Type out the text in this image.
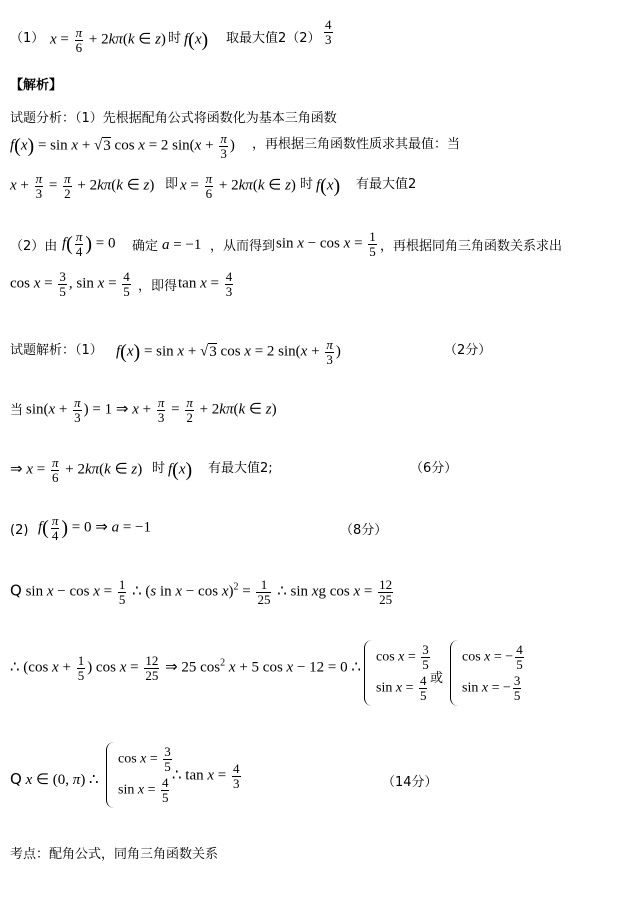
（1） $x = \frac{\pi}{6} + 2k\pi(k$ ∈ z) 时 f(x) 取最大值$2(2) \frac{4}{3}$
【解析】
试题分析：（1）先根据配角公式将函数化为基本三角函数
f(x) = sin x + √3 cos x = 2 $\sin(x + \frac{\pi}{3}$ ) ，再根据三角函数性质求其最值：当
$x + \frac{\pi}{3} = \frac{\pi}{2} + 2k\pi(k$ ∈ z) 即 $x = \frac{\pi}{6} + 2k\pi(k$ ∈ z) 时 f(x) 有最大值2
（2）由 $f( \frac{\pi}{4}$ ) = 0 确定 a = −1 ，从而得到 $\sin x - \cos x = \frac{1}{5}$ ，再根据同角三角函数关系求出
$\cos x = \frac{3}{5}$ , $\sin x = \frac{4}{5}$ ，即得 $\tan x = \frac{4}{3}$
试题解析：（1） f(x) = sin x + √3 cos x = 2 $\sin(x + \frac{\pi}{3}$ )	（2分）
当 $\sin(x + \frac{\pi}{3}$ ) = 1 ⇒ $x + \frac{\pi}{3} = \frac{\pi}{2} + 2k\pi(k$ ∈ z)
⇒ $x = \frac{\pi}{6} + 2k\pi(k$ ∈ z) 时 f(x) 有最大值2;	（6分）
(2) $f( \frac{\pi}{4}$ ) = 0 ⇒ a = −1	（8分）
Q $\sin x - \cos x = \frac{1}{5}$ ∴ (s in $x - \cos x)^2 = \frac{1}{25}$ ∴ sin xg $\cos x = \frac{12}{25}$
∴ (cos $x + \frac{1}{5}$ ) $\cos x = \frac{12}{25}$ ⇒ 25 $\cos^2 x + 5$ cos x − 12 = 0 ∴
$\cos x = \frac{3}{5}$
$\sin x = \frac{4}{5}$ 或
cos x = − $\frac{4}{5}$
sin x = − $\frac{3}{5}$
Q x ∈ (0, π) ∴
$\cos x = \frac{3}{5}$
$\sin x = \frac{4}{5}$
∴ $\tan x = \frac{4}{3}$	（14分）
考点：配角公式，同角三角函数关系
